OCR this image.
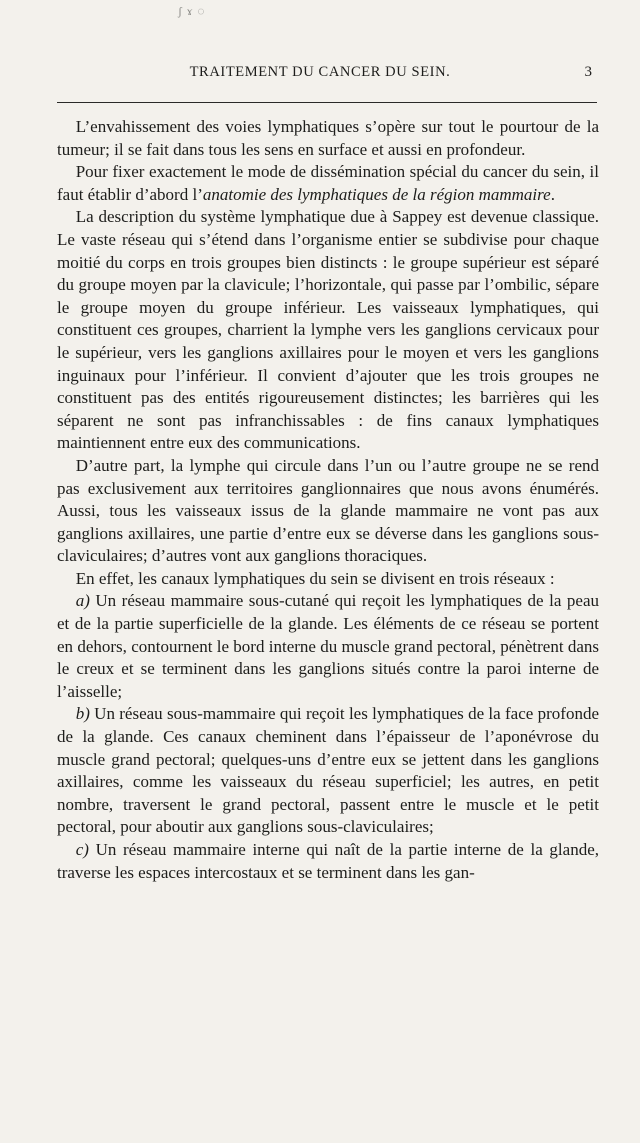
ʃ ɤ ◌
TRAITEMENT DU CANCER DU SEIN.	3

L’envahissement des voies lymphatiques s’opère sur tout le pourtour de la tumeur; il se fait dans tous les sens en surface et aussi en profondeur.

Pour fixer exactement le mode de dissémination spécial du cancer du sein, il faut établir d’abord l’anatomie des lymphatiques de la région mammaire.

La description du système lymphatique due à Sappey est devenue classique. Le vaste réseau qui s’étend dans l’organisme entier se subdivise pour chaque moitié du corps en trois groupes bien distincts : le groupe supérieur est séparé du groupe moyen par la clavicule; l’horizontale, qui passe par l’ombilic, sépare le groupe moyen du groupe inférieur. Les vaisseaux lymphatiques, qui constituent ces groupes, charrient la lymphe vers les ganglions cervicaux pour le supérieur, vers les ganglions axillaires pour le moyen et vers les ganglions inguinaux pour l’inférieur. Il convient d’ajouter que les trois groupes ne constituent pas des entités rigoureusement distinctes; les barrières qui les séparent ne sont pas infranchissables : de fins canaux lymphatiques maintiennent entre eux des communications.

D’autre part, la lymphe qui circule dans l’un ou l’autre groupe ne se rend pas exclusivement aux territoires ganglionnaires que nous avons énumérés. Aussi, tous les vaisseaux issus de la glande mammaire ne vont pas aux ganglions axillaires, une partie d’entre eux se déverse dans les ganglions sous-claviculaires; d’autres vont aux ganglions thoraciques.

En effet, les canaux lymphatiques du sein se divisent en trois réseaux :

a) Un réseau mammaire sous-cutané qui reçoit les lymphatiques de la peau et de la partie superficielle de la glande. Les éléments de ce réseau se portent en dehors, contournent le bord interne du muscle grand pectoral, pénètrent dans le creux et se terminent dans les ganglions situés contre la paroi interne de l’aisselle;

b) Un réseau sous-mammaire qui reçoit les lymphatiques de la face profonde de la glande. Ces canaux cheminent dans l’épaisseur de l’aponévrose du muscle grand pectoral; quelques-uns d’entre eux se jettent dans les ganglions axillaires, comme les vaisseaux du réseau superficiel; les autres, en petit nombre, traversent le grand pectoral, passent entre le muscle et le petit pectoral, pour aboutir aux ganglions sous-claviculaires;

c) Un réseau mammaire interne qui naît de la partie interne de la glande, traverse les espaces intercostaux et se terminent dans les gan-
